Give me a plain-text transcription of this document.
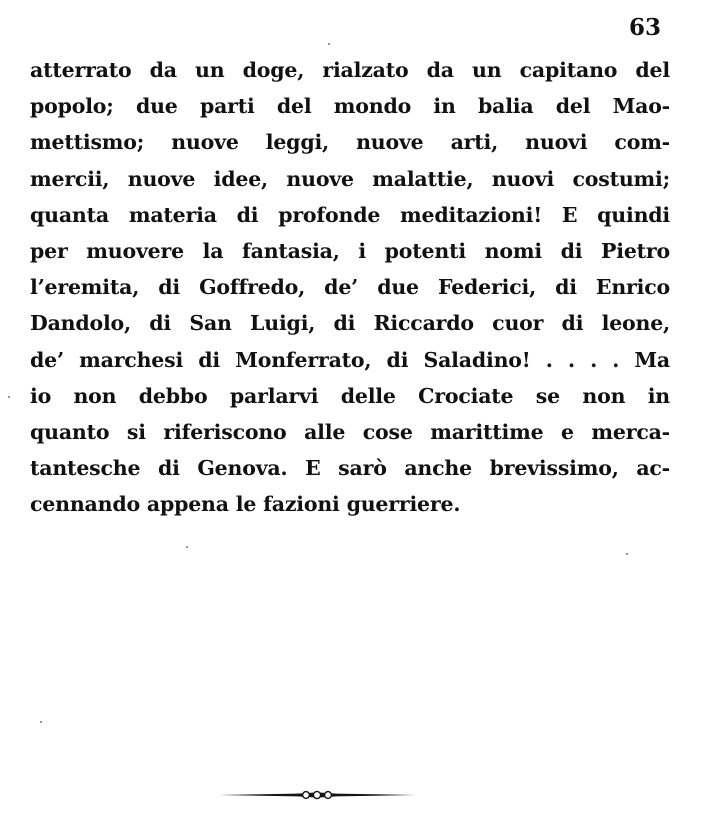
63
atterrato da un doge, rialzato da un capitano del
popolo; due parti del mondo in balia del Mao-
mettismo; nuove leggi, nuove arti, nuovi com-
mercii, nuove idee, nuove malattie, nuovi costumi;
quanta materia di profonde meditazioni! E quindi
per muovere la fantasia, i potenti nomi di Pietro
l’eremita, di Goffredo, de’ due Federici, di Enrico
Dandolo, di San Luigi, di Riccardo cuor di leone,
de’ marchesi di Monferrato, di Saladino! . . . . Ma
io non debbo parlarvi delle Crociate se non in
quanto si riferiscono alle cose marittime e merca-
tantesche di Genova. E sarò anche brevissimo, ac-
cennando appena le fazioni guerriere.
